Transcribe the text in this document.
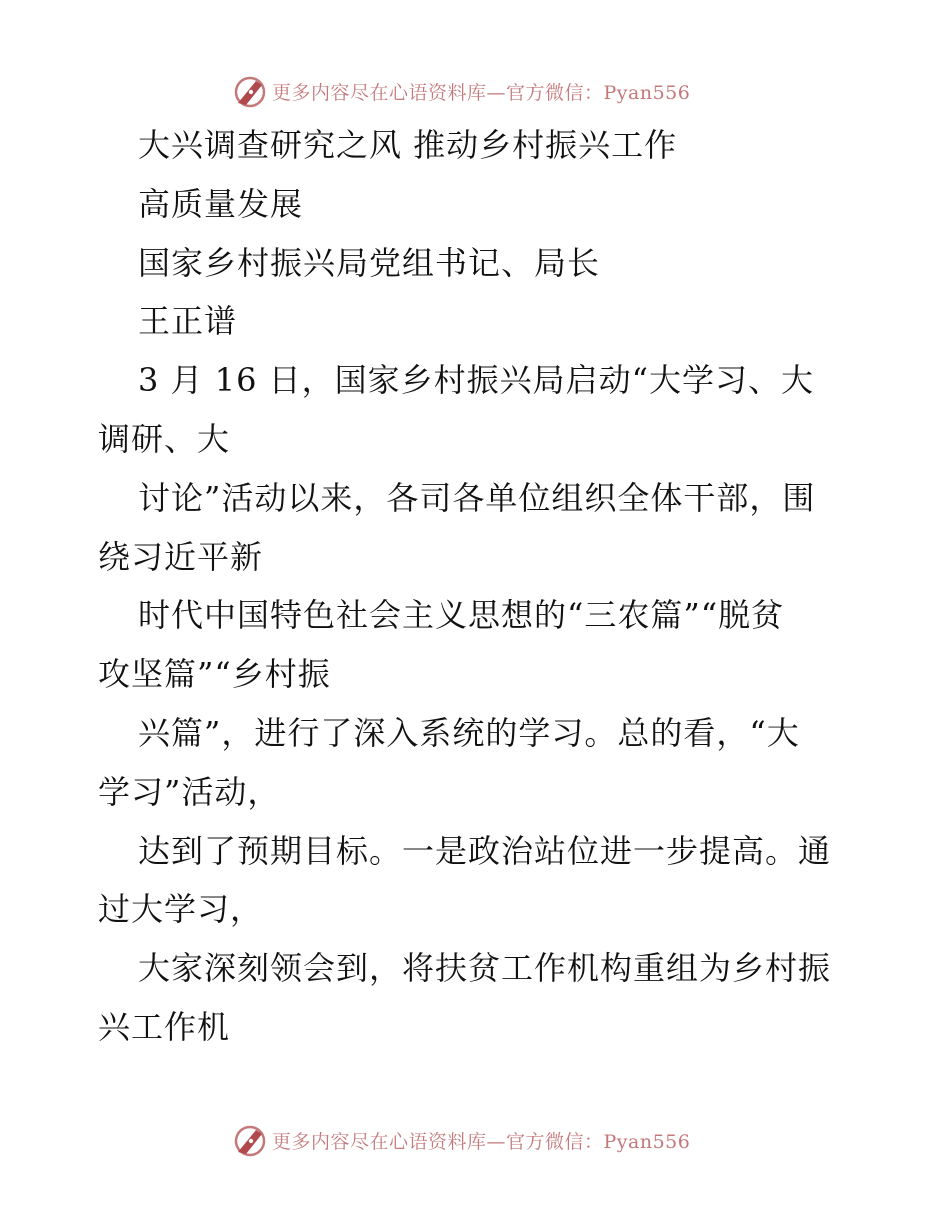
更多内容尽在心语资料库—官方微信：Pyan556
大兴调查研究之风 推动乡村振兴工作
高质量发展
国家乡村振兴局党组书记、局长
王正谱
3 月 16 日，国家乡村振兴局启动“大学习、大
调研、大
讨论”活动以来，各司各单位组织全体干部，围
绕习近平新
时代中国特色社会主义思想的“三农篇”“脱贫
攻坚篇”“乡村振
兴篇”，进行了深入系统的学习。总的看，“大
学习”活动，
达到了预期目标。一是政治站位进一步提高。通
过大学习，
大家深刻领会到，将扶贫工作机构重组为乡村振
兴工作机
更多内容尽在心语资料库—官方微信：Pyan556
